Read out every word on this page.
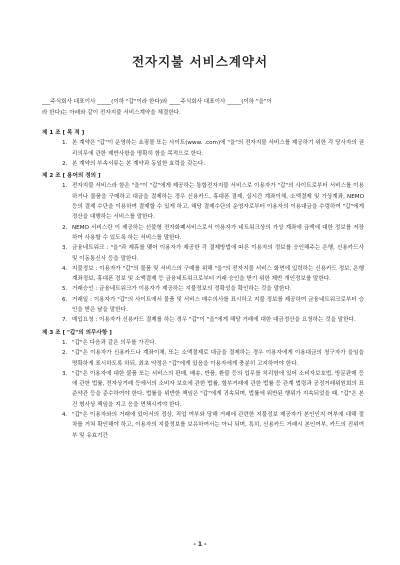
전자지불 서비스계약서

___주식회사 대표이사 _____(이하 "갑"이라 한다)와 ____주식회사 대표이사 _____(이하 "을"이

라 한다)는 아래와 같이 전자지불 서비스계약을 체결한다.

제 1 조 [ 목 적 ]

1. 본 계약은 "갑"이 운영하는 쇼핑몰 또는 사이트(www. .com)에 "을"의 전자지불 서비스를 제공하기 위한 각 당사자의 권리의무에 관한 제반사항을 명확히 함을 목적으로 한다.
2. 본 계약의 부속서류는 본 계약과 동일한 효력을 갖는다.

제 2 조 [ 용어의 정의 ]

1. 전자지불 서비스라 함은 "을"이 "갑"에게 제공하는 통합전자지불 서비스로 이용자가 "갑"의 사이트로부터 서비스를 이용하거나 물품을 구매하고 대금을 결제하는 경우 신용카드, 휴대폰 결제, 실시간 계좌이체, 소액결제 및 가상계좌, NEMO 등의 결제 수단을 이용하여 결제할 수 있게 하고, 해당 결제수단의 운영자로부터 이용자의 이용대금을 수령하여 "갑"에게 정산을 대행하는 서비스를 말한다.
2. NEMO 서비스란 이 제공하는 선불형 전자화폐서비스로서 이용자가 네트워크상의 가상 계좌에 금액에 대한 정보를 저장하여 사용할 수 있도록 하는 서비스를 말한다.
3. 금융네트워크 : "을"과 제휴를 맺어 이용자가 제공한 각 결제방법에 따른 이용자의 정보를 승인해주는 은행, 신용카드사 및 이동통신사 등을 말한다.
4. 지불정보 : 이용자가 "갑"의 물품 및 서비스의 구매를 위해 "을"의 전자지불 서비스 화면에 입력하는 신용카드 정보, 은행계좌정보, 휴대폰 정보 및 소액결제 등 금융네트워크로부터 거래 승인을 받기 위한 제반 개인정보를 말한다.
5. 거래승인 : 금융네트워크가 이용자가 제공하는 지불정보의 정확성을 확인하는 것을 말한다.
6. 거래일 : 이용자가 "갑"의 사이트에서 물품 및 서비스 매수의사를 표시하고 지불 정보를 제공하여 금융네트워크로부터 승인을 받은 날을 말한다.
7. 매입요청 : 이용자가 신용카드 결제를 하는 경우 "갑"이 "을"에게 해당 거래에 대한 대금정산을 요청하는 것을 말한다.

제 3 조 [ "갑"의 의무사항 ]

1. "갑"은 다음과 같은 의무를 가진다.
2. "갑"은 이용자가 신용카드나 계좌이체, 또는 소액결제로 대금을 결제하는 경우 이용자에게 이용대금의 청구자가 을임을 명확하게 표시하도록 하되, 최초 약정은 "갑"에게 있음을 이용자에게 충분히 고지하여야 한다.
3. "갑"은 이용자에 대한 물품 또는 서비스의 판매, 배송, 반품, 환불 등의 업무를 처리함에 있어 소비자보호법, 방문판매 등에 관한 법률, 전자상거래 등에서의 소비자 보호에 관한 법률, 할부거래에 관한 법률 등 관계 법령과 공정거래위원회의 표준약관 등을 준수하여야 한다. 법률을 위반한 책임은 "갑"에게 귀속되며, 법률에 위반된 행위가 지속되었을 때, "갑"은 본 건 형사상 책임을 지고 응을 면책시켜야 한다.
4. "갑"은 이용자와의 거래에 있어서의 정상, 직업 여부와 당해 거래에 관련한 지불정보 제공자가 본인인지 여부에 대해 절차를 거쳐 확인해야 하고, 이용자의 지불정보를 보유하여서는 아니 되며, 특히, 신용카드 거래시 본인여부, 카드의 진위여부 및 유효기간
- 1 -
